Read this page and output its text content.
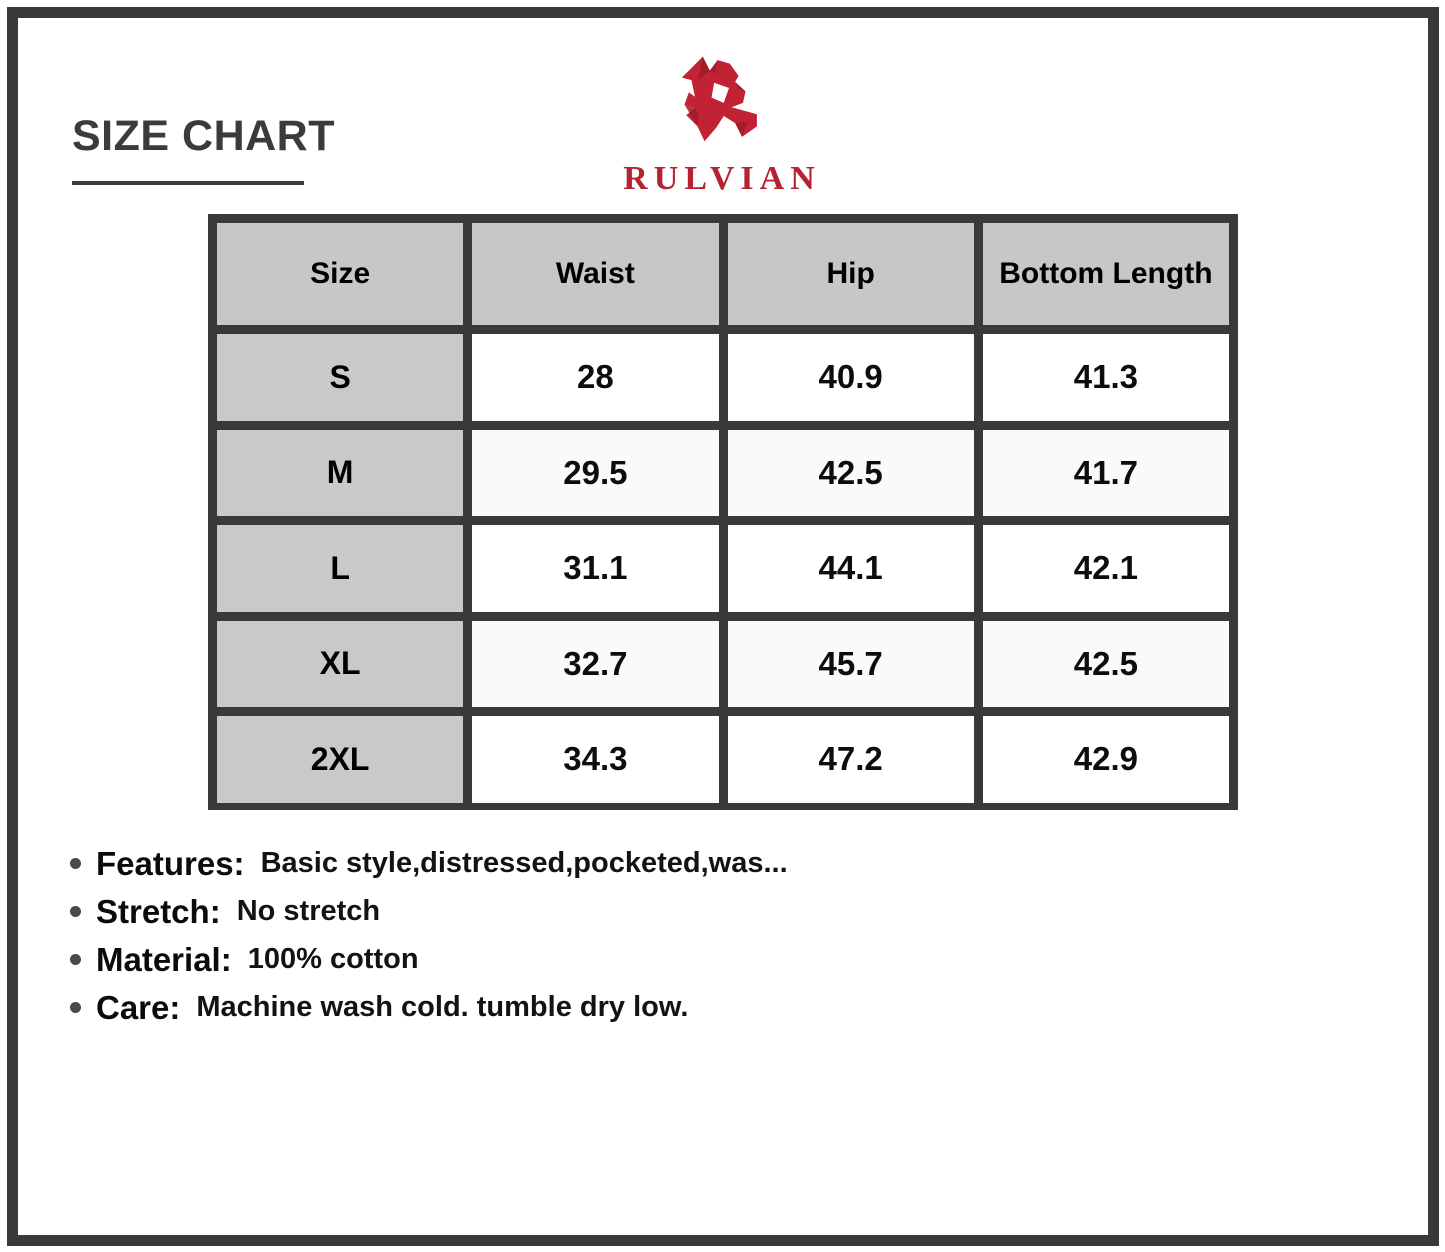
SIZE CHART
RULVIAN
Size	Waist	Hip	Bottom Length
S	28	40.9	41.3
M	29.5	42.5	41.7
L	31.1	44.1	42.1
XL	32.7	45.7	42.5
2XL	34.3	47.2	42.9
Features: Basic style,distressed,pocketed,was...
Stretch: No stretch
Material: 100% cotton
Care: Machine wash cold. tumble dry low.
